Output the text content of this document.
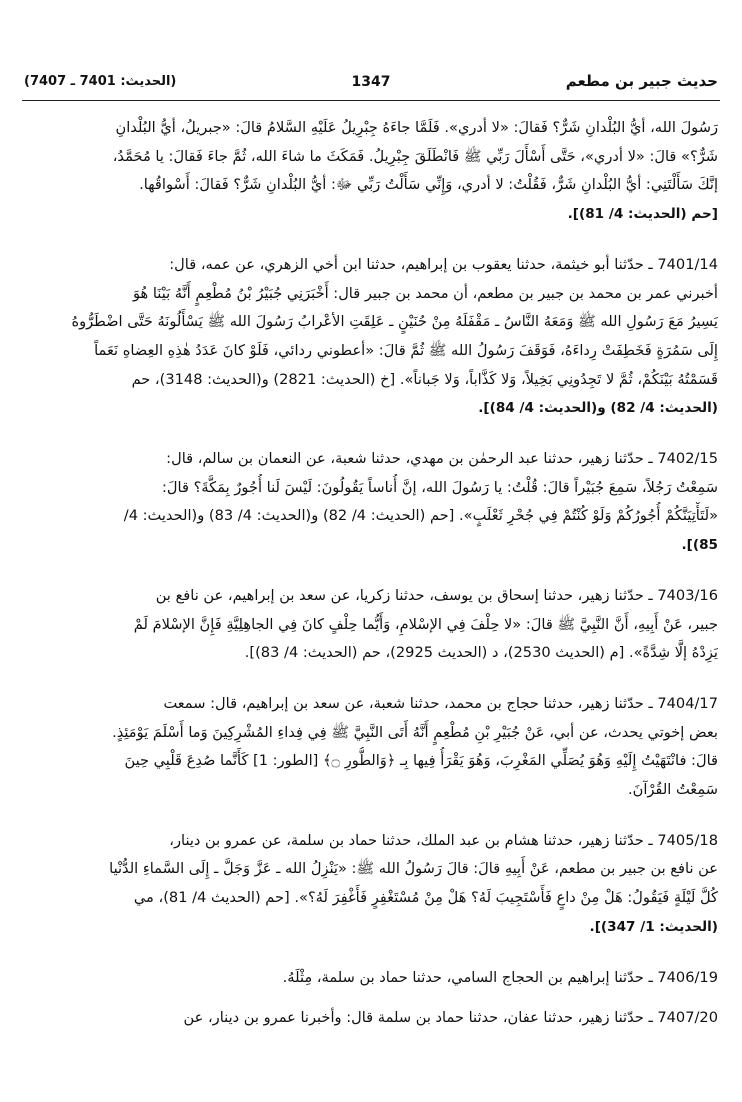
(الحديث: 7401 ـ 7407)	1347	حديث جبير بن مطعم

رَسُولَ الله، أيُّ البُلْدانِ شَرٌّ؟ فَقالَ: «لا أدري». فَلَمَّا جاءَهُ جِبْرِيلُ عَلَيْهِ السَّلامُ قالَ: «جبريلُ، أيُّ البُلْدانِ

شَرٌّ؟» قالَ: «لا أدري»، حَتَّى أَسْأَلَ رَبِّي ﷺ فَانْطَلَقَ جِبْرِيلُ. فَمَكَثَ ما شاءَ الله، ثُمَّ جاءَ فَقالَ: يا مُحَمَّدُ،

إنَّكَ سَأَلْتَنِي: أيُّ البُلْدانِ شَرٌّ، فَقُلْتُ: لا أدري، وَإِنِّي سَأَلْتُ رَبِّي ﷻ: أيُّ البُلْدانِ شَرٌّ؟ فَقالَ: أَسْواقُها.

[حم (الحديث: 4/ 81)].

7401/14 ـ حدّثنا أبو خيثمة، حدثنا يعقوب بن إبراهيم، حدثنا ابن أخي الزهري، عن عمه، قال:

أخبرني عمر بن محمد بن جبير بن مطعم، أن محمد بن جبير قال: أَخْبَرَنِي جُبَيْرُ بْنُ مُطْعِمٍ أَنَّهُ بَيْنَا هُوَ

يَسِيرُ مَعَ رَسُولِ الله ﷺ وَمَعَهُ النَّاسُ ـ مَقْفَلَهُ مِنْ حُنَيْنٍ ـ عَلِقَتِ الأعْرابُ رَسُولَ الله ﷺ يَسْأَلُونَهُ حَتَّى اضْطَرُّوهُ

إِلَى سَمُرَةٍ فَخَطِفَتْ رِداءَهُ، فَوَقَفَ رَسُولُ الله ﷺ ثُمَّ قالَ: «أعطوني ردائي، فَلَوْ كانَ عَدَدُ هٰذِهِ العِضاهِ نَعَماً

قَسَمْتُهُ بَيْنَكُمْ، ثُمَّ لا تَجِدُونِي بَخِيلاً، وَلا كَذَّاباً، وَلا جَباناً». [خ (الحديث: 2821) و(الحديث: 3148)، حم

(الحديث: 4/ 82) و(الحديث: 4/ 84)].

7402/15 ـ حدّثنا زهير، حدثنا عبد الرحمٰن بن مهدي، حدثنا شعبة، عن النعمان بن سالم، قال:

سَمِعْتُ رَجُلاً، سَمِعَ جُبَيْراً قالَ: قُلْتُ: يا رَسُولَ الله، إنَّ أُناساً يَقُولُونَ: لَيْسَ لَنا أُجُورٌ بِمَكَّةَ؟ قالَ:

«لَتَأْتِيَنَّكُمْ أُجُورُكُمْ وَلَوْ كُنْتُمْ فِي جُحْرِ ثَعْلَبٍ». [حم (الحديث: 4/ 82) و(الحديث: 4/ 83) و(الحديث: 4/

85)].

7403/16 ـ حدّثنا زهير، حدثنا إسحاق بن يوسف، حدثنا زكريا، عن سعد بن إبراهيم، عن نافع بن

جبير، عَنْ أَبِيهِ، أَنَّ النَّبِيَّ ﷺ قالَ: «لا حِلْفَ فِي الإسْلامِ، وَأَيُّما حِلْفٍ كانَ فِي الجاهِلِيَّةِ فَإِنَّ الإسْلامَ لَمْ

يَزِدْهُ إلَّا شِدَّةً». [م (الحديث 2530)، د (الحديث 2925)، حم (الحديث: 4/ 83)].

7404/17 ـ حدّثنا زهير، حدثنا حجاج بن محمد، حدثنا شعبة، عن سعد بن إبراهيم، قال: سمعت

بعض إخوتي يحدث، عن أبي، عَنْ جُبَيْرِ بْنِ مُطْعِمٍ أَنَّهُ أَتَى النَّبِيَّ ﷺ فِي فِداءِ المُشْرِكِينَ وَما أَسْلَمَ يَوْمَئِذٍ.

قالَ: فانْتَهَيْتُ إِلَيْهِ وَهُوَ يُصَلِّي المَغْرِبَ، وَهُوَ يَقْرَأُ فِيها بِـ ﴿وَالطُّورِ ۝﴾ [الطور: 1] كَأَنَّما صُدِعَ قَلْبِي حِينَ

سَمِعْتُ القُرْآنَ.

7405/18 ـ حدّثنا زهير، حدثنا هشام بن عبد الملك، حدثنا حماد بن سلمة، عن عمرو بن دينار،

عن نافع بن جبير بن مطعم، عَنْ أَبِيهِ قالَ: قالَ رَسُولُ الله ﷺ: «يَنْزِلُ الله ـ عَزَّ وَجَلَّ ـ إِلَى السَّماءِ الدُّنْيا

كُلَّ لَيْلَةٍ فَيَقُولُ: هَلْ مِنْ داعٍ فَأَسْتَجِيبَ لَهُ؟ هَلْ مِنْ مُسْتَغْفِرٍ فَأَغْفِرَ لَهُ؟». [حم (الحديث 4/ 81)، مي

(الحديث: 1/ 347)].

7406/19 ـ حدّثنا إبراهيم بن الحجاج السامي، حدثنا حماد بن سلمة، مِثْلَهُ.

7407/20 ـ حدّثنا زهير، حدثنا عفان، حدثنا حماد بن سلمة قال: وأخبرنا عمرو بن دينار، عن
